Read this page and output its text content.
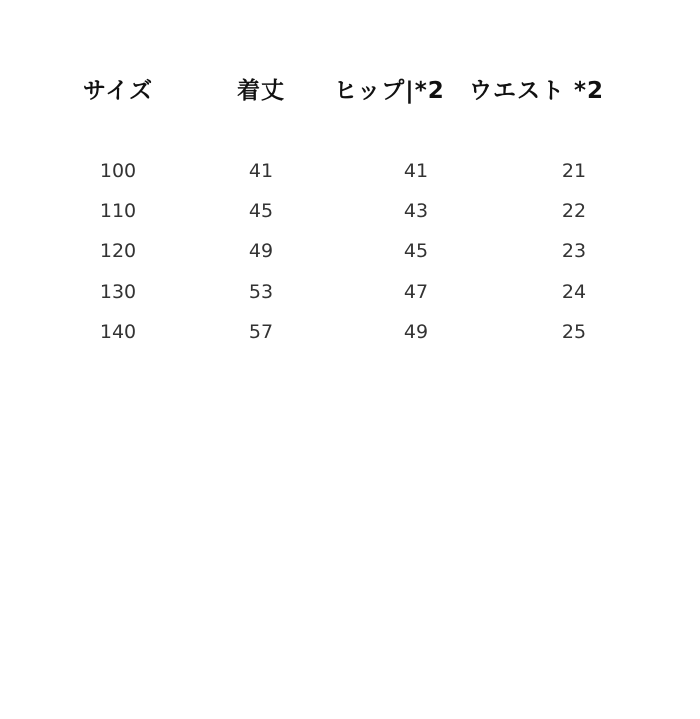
サイズ
100
110
120
130
140
着丈
41
45
49
53
57
ヒップ|*2
41
43
45
47
49
ウエスト *2
21
22
23
24
25
